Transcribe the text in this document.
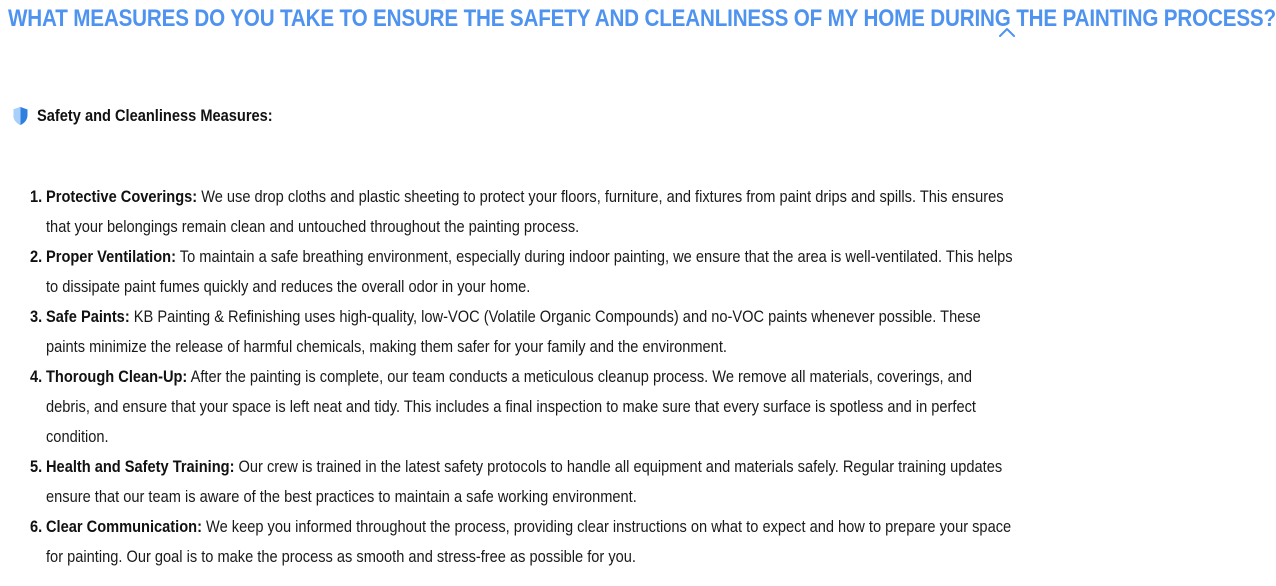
WHAT MEASURES DO YOU TAKE TO ENSURE THE SAFETY AND CLEANLINESS OF MY HOME DURING THE PAINTING PROCESS?
Safety and Cleanliness Measures:
1. Protective Coverings: We use drop cloths and plastic sheeting to protect your floors, furniture, and fixtures from paint drips and spills. This ensures that your belongings remain clean and untouched throughout the painting process.
2. Proper Ventilation: To maintain a safe breathing environment, especially during indoor painting, we ensure that the area is well-ventilated. This helps to dissipate paint fumes quickly and reduces the overall odor in your home.
3. Safe Paints: KB Painting & Refinishing uses high-quality, low-VOC (Volatile Organic Compounds) and no-VOC paints whenever possible. These paints minimize the release of harmful chemicals, making them safer for your family and the environment.
4. Thorough Clean-Up: After the painting is complete, our team conducts a meticulous cleanup process. We remove all materials, coverings, and debris, and ensure that your space is left neat and tidy. This includes a final inspection to make sure that every surface is spotless and in perfect condition.
5. Health and Safety Training: Our crew is trained in the latest safety protocols to handle all equipment and materials safely. Regular training updates ensure that our team is aware of the best practices to maintain a safe working environment.
6. Clear Communication: We keep you informed throughout the process, providing clear instructions on what to expect and how to prepare your space for painting. Our goal is to make the process as smooth and stress-free as possible for you.
